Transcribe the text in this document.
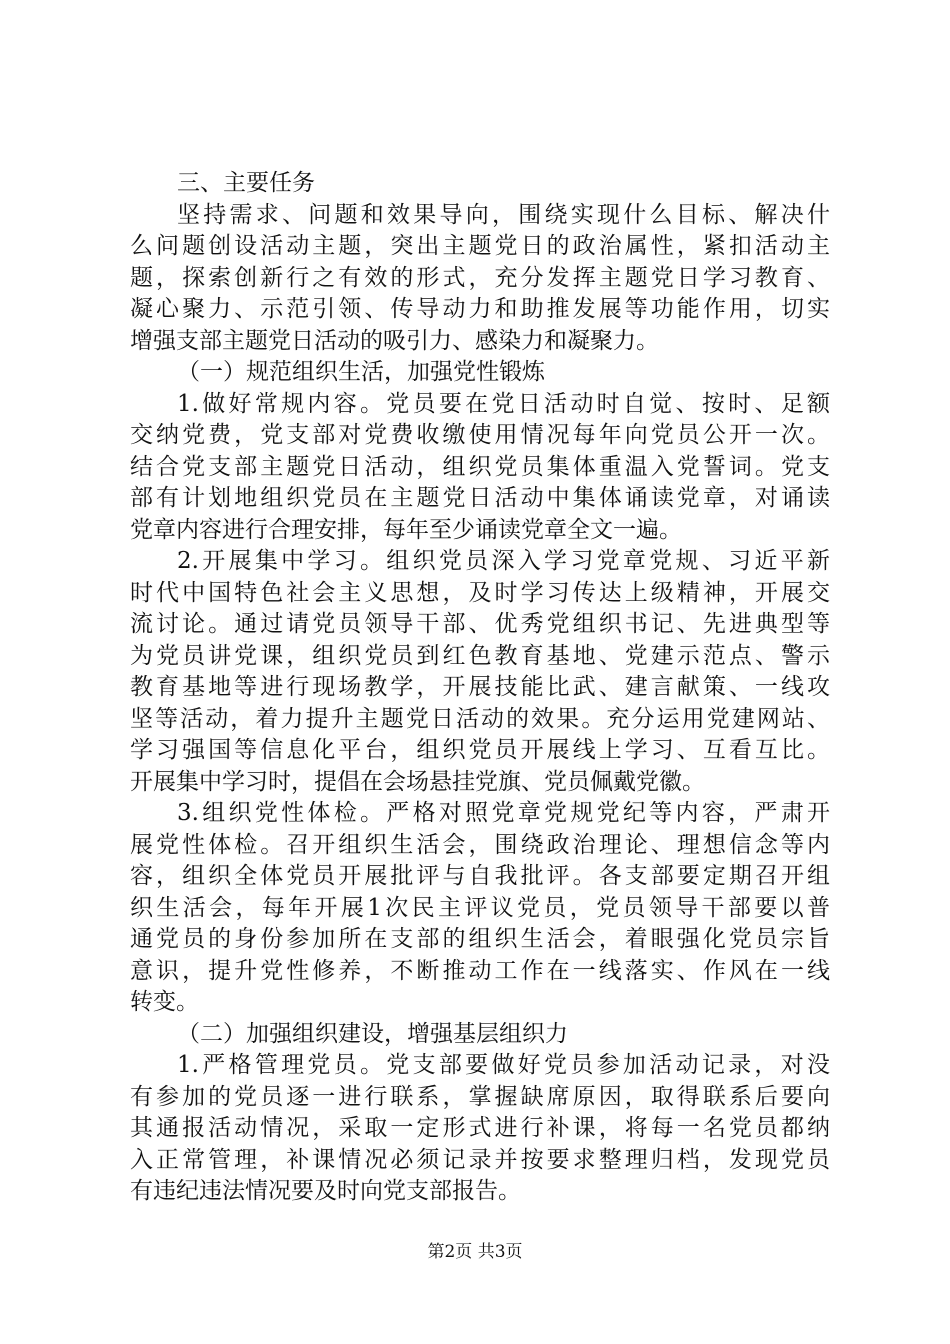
三、主要任务
坚持需求、问题和效果导向，围绕实现什么目标、解决什
么问题创设活动主题，突出主题党日的政治属性，紧扣活动主
题，探索创新行之有效的形式，充分发挥主题党日学习教育、
凝心聚力、示范引领、传导动力和助推发展等功能作用，切实
增强支部主题党日活动的吸引力、感染力和凝聚力。
（一）规范组织生活，加强党性锻炼
1.做好常规内容。党员要在党日活动时自觉、按时、足额
交纳党费，党支部对党费收缴使用情况每年向党员公开一次。
结合党支部主题党日活动，组织党员集体重温入党誓词。党支
部有计划地组织党员在主题党日活动中集体诵读党章，对诵读
党章内容进行合理安排，每年至少诵读党章全文一遍。
2.开展集中学习。组织党员深入学习党章党规、习近平新
时代中国特色社会主义思想，及时学习传达上级精神，开展交
流讨论。通过请党员领导干部、优秀党组织书记、先进典型等
为党员讲党课，组织党员到红色教育基地、党建示范点、警示
教育基地等进行现场教学，开展技能比武、建言献策、一线攻
坚等活动，着力提升主题党日活动的效果。充分运用党建网站、
学习强国等信息化平台，组织党员开展线上学习、互看互比。
开展集中学习时，提倡在会场悬挂党旗、党员佩戴党徽。
3.组织党性体检。严格对照党章党规党纪等内容，严肃开
展党性体检。召开组织生活会，围绕政治理论、理想信念等内
容，组织全体党员开展批评与自我批评。各支部要定期召开组
织生活会，每年开展1次民主评议党员，党员领导干部要以普
通党员的身份参加所在支部的组织生活会，着眼强化党员宗旨
意识，提升党性修养，不断推动工作在一线落实、作风在一线
转变。
（二）加强组织建设，增强基层组织力
1.严格管理党员。党支部要做好党员参加活动记录，对没
有参加的党员逐一进行联系，掌握缺席原因，取得联系后要向
其通报活动情况，采取一定形式进行补课，将每一名党员都纳
入正常管理，补课情况必须记录并按要求整理归档，发现党员
有违纪违法情况要及时向党支部报告。
第2页 共3页
